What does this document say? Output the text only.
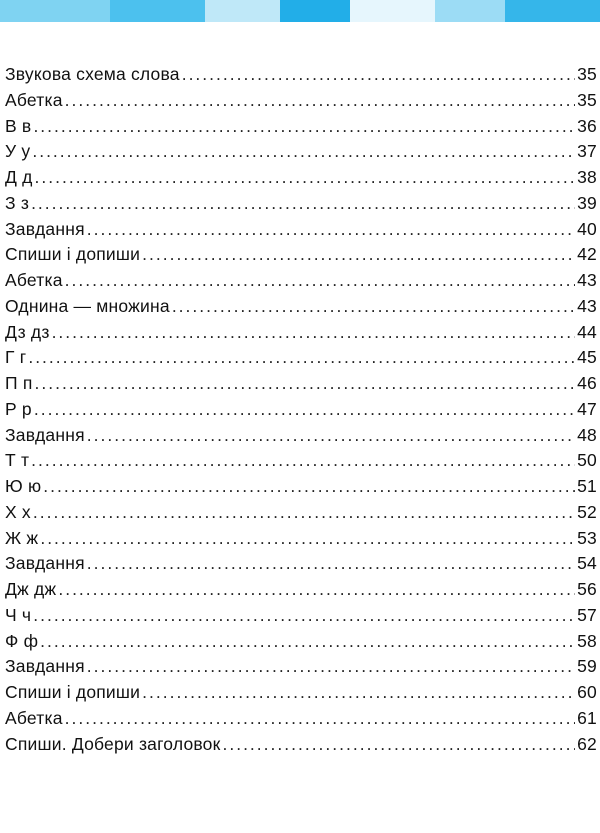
Звукова схема слова .....	35
Абетка .....	35
В в .....	36
У у .....	37
Д д .....	38
З з .....	39
Завдання .....	40
Спиши і допиши .....	42
Абетка .....	43
Однина — множина .....	43
Дз дз .....	44
Г г .....	45
П п .....	46
Р р .....	47
Завдання .....	48
Т т .....	50
Ю ю .....	51
Х х .....	52
Ж ж .....	53
Завдання .....	54
Дж дж .....	56
Ч ч .....	57
Ф ф .....	58
Завдання .....	59
Спиши і допиши .....	60
Абетка .....	61
Спиши. Добери заголовок .....	62
